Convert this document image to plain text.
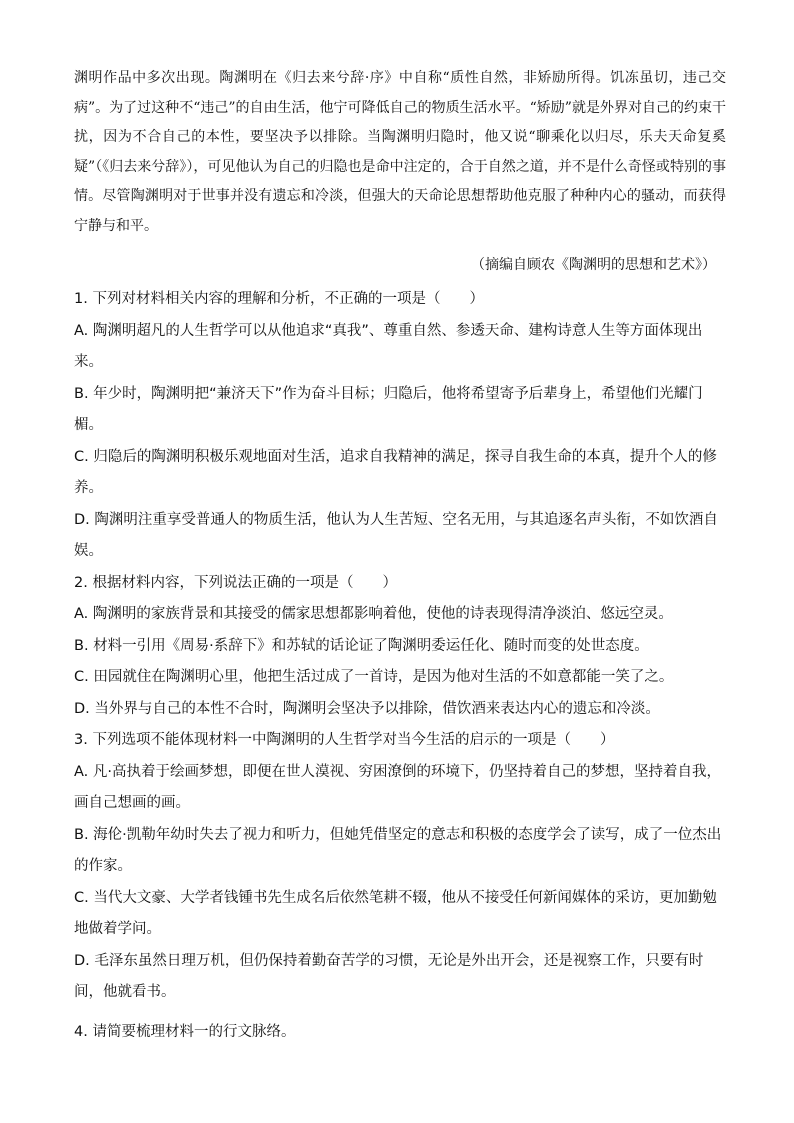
渊明作品中多次出现。陶渊明在《归去来兮辞·序》中自称“质性自然，非矫励所得。饥冻虽切，违己交病”。为了过这种不“违己”的自由生活，他宁可降低自己的物质生活水平。“矫励”就是外界对自己的约束干扰，因为不合自己的本性，要坚决予以排除。当陶渊明归隐时，他又说“聊乘化以归尽，乐夫天命复奚疑”（《归去来兮辞》），可见他认为自己的归隐也是命中注定的，合于自然之道，并不是什么奇怪或特别的事情。尽管陶渊明对于世事并没有遗忘和冷淡，但强大的天命论思想帮助他克服了种种内心的骚动，而获得宁静与和平。

（摘编自顾农《陶渊明的思想和艺术》）

1. 下列对材料相关内容的理解和分析，不正确的一项是（　　）

A. 陶渊明超凡的人生哲学可以从他追求“真我”、尊重自然、参透天命、建构诗意人生等方面体现出来。

B. 年少时，陶渊明把“兼济天下”作为奋斗目标；归隐后，他将希望寄予后辈身上，希望他们光耀门楣。

C. 归隐后的陶渊明积极乐观地面对生活，追求自我精神的满足，探寻自我生命的本真，提升个人的修养。

D. 陶渊明注重享受普通人的物质生活，他认为人生苦短、空名无用，与其追逐名声头衔，不如饮酒自娱。

2. 根据材料内容，下列说法正确的一项是（　　）

A. 陶渊明的家族背景和其接受的儒家思想都影响着他，使他的诗表现得清净淡泊、悠远空灵。

B. 材料一引用《周易·系辞下》和苏轼的话论证了陶渊明委运任化、随时而变的处世态度。

C. 田园就住在陶渊明心里，他把生活过成了一首诗，是因为他对生活的不如意都能一笑了之。

D. 当外界与自己的本性不合时，陶渊明会坚决予以排除，借饮酒来表达内心的遗忘和冷淡。

3. 下列选项不能体现材料一中陶渊明的人生哲学对当今生活的启示的一项是（　　）

A. 凡·高执着于绘画梦想，即便在世人漠视、穷困潦倒的环境下，仍坚持着自己的梦想，坚持着自我，画自己想画的画。

B. 海伦·凯勒年幼时失去了视力和听力，但她凭借坚定的意志和积极的态度学会了读写，成了一位杰出的作家。

C. 当代大文豪、大学者钱锺书先生成名后依然笔耕不辍，他从不接受任何新闻媒体的采访，更加勤勉地做着学问。

D. 毛泽东虽然日理万机，但仍保持着勤奋苦学的习惯，无论是外出开会，还是视察工作，只要有时间，他就看书。

4. 请简要梳理材料一的行文脉络。
